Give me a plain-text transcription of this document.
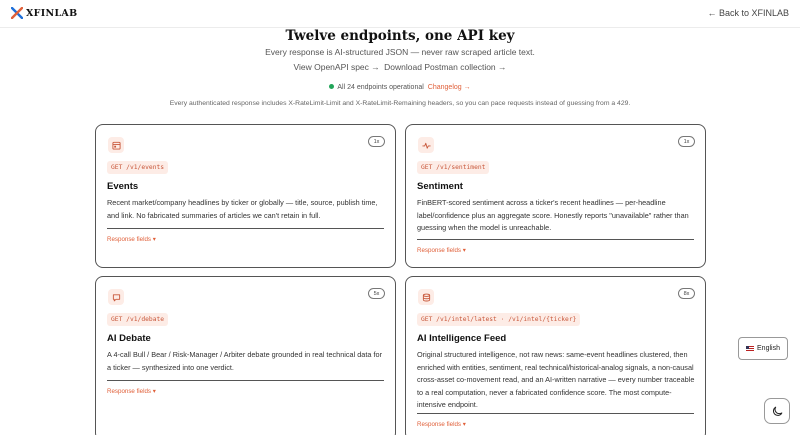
XFINLAB	← Back to XFINLAB
Twelve endpoints, one API key
Every response is AI-structured JSON — never raw scraped article text.
View OpenAPI spec → Download Postman collection →
All 24 endpoints operational Changelog →
Every authenticated response includes X-RateLimit-Limit and X-RateLimit-Remaining headers, so you can pace requests instead of guessing from a 429.
1x
GET /v1/events
Events
Recent market/company headlines by ticker or globally — title, source, publish time, and link. No fabricated summaries of articles we can't retain in full.
Response fields ▾
1x
GET /v1/sentiment
Sentiment
FinBERT-scored sentiment across a ticker's recent headlines — per-headline label/confidence plus an aggregate score. Honestly reports "unavailable" rather than guessing when the model is unreachable.
Response fields ▾
5x
GET /v1/debate
AI Debate
A 4-call Bull / Bear / Risk-Manager / Arbiter debate grounded in real technical data for a ticker — synthesized into one verdict.
Response fields ▾
8x
GET /v1/intel/latest · /v1/intel/{ticker}
AI Intelligence Feed
Original structured intelligence, not raw news: same-event headlines clustered, then enriched with entities, sentiment, real technical/historical-analog signals, a non-causal cross-asset co-movement read, and an AI-written narrative — every number traceable to a real computation, never a fabricated confidence score. The most compute-intensive endpoint.
Response fields ▾
English
